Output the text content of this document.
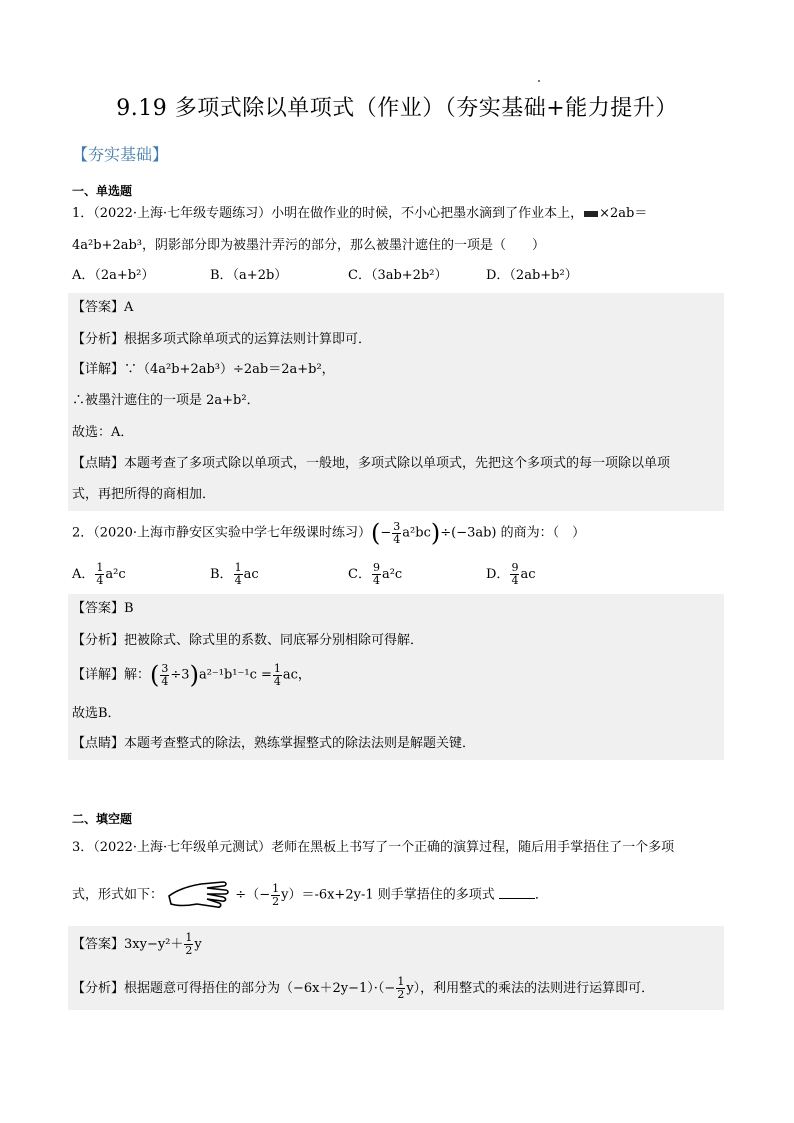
9.19 多项式除以单项式（作业）（夯实基础+能力提升）
【夯实基础】
一、单选题
1．（2022·上海·七年级专题练习）小明在做作业的时候，不小心把墨水滴到了作业本上， ×2ab＝
4a²b+2ab³，阴影部分即为被墨汁弄污的部分，那么被墨汁遮住的一项是（　　）
A．（2a+b²）	B．（a+2b）	C．（3ab+2b²）	D．（2ab+b²）
【答案】A
【分析】根据多项式除单项式的运算法则计算即可．
【详解】∵（4a²b+2ab³）÷2ab＝2a+b²，
∴被墨汁遮住的一项是 2a+b²．
故选：A．
【点睛】本题考查了多项式除以单项式，一般地，多项式除以单项式，先把这个多项式的每一项除以单项
式，再把所得的商相加．
2．（2020·上海市静安区实验中学七年级课时练习）(− $\frac{3}{4} a^2bc)\div(-3ab)$ 的商为：（　）
A． $\frac{1}{4} a^2c$	B． $\frac{1}{4}$ ac	C． $\frac{9}{4} a^2c$	D． $\frac{9}{4}$ ac
【答案】B
【分析】把被除式、除式里的系数、同底幂分别相除可得解．
【详解】解：( $\frac{3}{4} \div 3)a^{2-1}b^{1-1}c = \frac{1}{4}$ ac，
故选B．
【点睛】本题考查整式的除法，熟练掌握整式的除法法则是解题关键．
二、填空题
3．（2022·上海·七年级单元测试）老师在黑板上书写了一个正确的演算过程，随后用手掌捂住了一个多项
式，形式如下：	÷（− $\frac{1}{2} y)=-6x+2y-1$ 则手掌捂住的多项式	．
【答案】$3xy-y^2+ \frac{1}{2}$ y
【分析】根据题意可得捂住的部分为$(-6x+2y-1)\cdot(- \frac{1}{2} y)$，利用整式的乘法的法则进行运算即可．
